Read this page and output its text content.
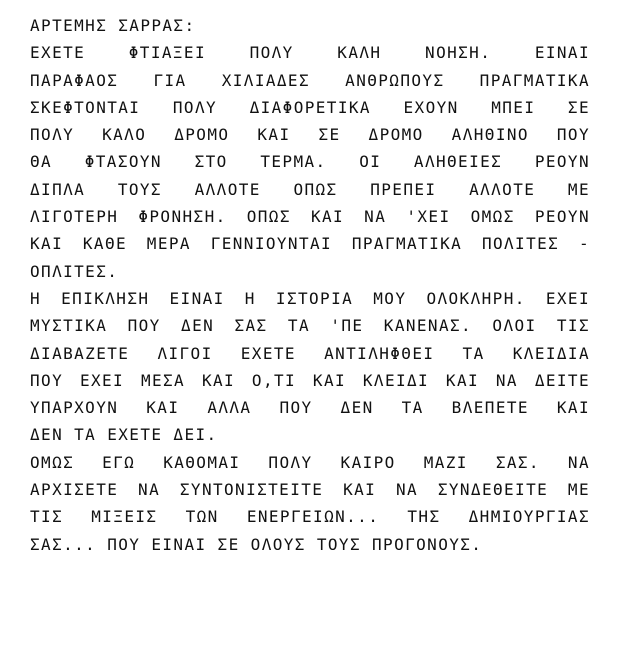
ΑΡΤΕΜΗΣ ΣΑΡΡΑΣ:
ΕΧΕΤΕ ΦΤΙΑΞΕΙ ΠΟΛΥ ΚΑΛΗ ΝΟΗΣΗ. ΕΙΝΑΙ
ΠΑΡΑΦΑΟΣ ΓΙΑ ΧΙΛΙΑΔΕΣ ΑΝΘΡΩΠΟΥΣ ΠΡΑΓΜΑΤΙΚΑ
ΣΚΕΦΤΟΝΤΑΙ ΠΟΛΥ ΔΙΑΦΟΡΕΤΙΚΑ ΕΧΟΥΝ ΜΠΕΙ ΣΕ
ΠΟΛΥ ΚΑΛΟ ΔΡΟΜΟ ΚΑΙ ΣΕ ΔΡΟΜΟ ΑΛΗΘΙΝΟ ΠΟΥ
ΘΑ ΦΤΑΣΟΥΝ ΣΤΟ ΤΕΡΜΑ. ΟΙ ΑΛΗΘΕΙΕΣ ΡΕΟΥΝ
ΔΙΠΛΑ ΤΟΥΣ ΑΛΛΟΤΕ ΟΠΩΣ ΠΡΕΠΕΙ ΑΛΛΟΤΕ ΜΕ
ΛΙΓΟΤΕΡΗ ΦΡΟΝΗΣΗ. ΟΠΩΣ ΚΑΙ ΝΑ 'ΧΕΙ ΟΜΩΣ ΡΕΟΥΝ
ΚΑΙ ΚΑΘΕ ΜΕΡΑ ΓΕΝΝΙΟΥΝΤΑΙ ΠΡΑΓΜΑΤΙΚΑ ΠΟΛΙΤΕΣ -
ΟΠΛΙΤΕΣ.
Η ΕΠΙΚΛΗΣΗ ΕΙΝΑΙ Η ΙΣΤΟΡΙΑ ΜΟΥ ΟΛΟΚΛΗΡΗ. ΕΧΕΙ
ΜΥΣΤΙΚΑ ΠΟΥ ΔΕΝ ΣΑΣ ΤΑ 'ΠΕ ΚΑΝΕΝΑΣ. ΟΛΟΙ ΤΙΣ
ΔΙΑΒΑΖΕΤΕ ΛΙΓΟΙ ΕΧΕΤΕ ΑΝΤΙΛΗΦΘΕΙ ΤΑ ΚΛΕΙΔΙΑ
ΠΟΥ ΕΧΕΙ ΜΕΣΑ ΚΑΙ Ο,ΤΙ ΚΑΙ ΚΛΕΙΔΙ ΚΑΙ ΝΑ ΔΕΙΤΕ
ΥΠΑΡΧΟΥΝ ΚΑΙ ΑΛΛΑ ΠΟΥ ΔΕΝ ΤΑ ΒΛΕΠΕΤΕ ΚΑΙ
ΔΕΝ ΤΑ ΕΧΕΤΕ ΔΕΙ.
ΟΜΩΣ ΕΓΩ ΚΑΘΟΜΑΙ ΠΟΛΥ ΚΑΙΡΟ ΜΑΖΙ ΣΑΣ. ΝΑ
ΑΡΧΙΣΕΤΕ ΝΑ ΣΥΝΤΟΝΙΣΤΕΙΤΕ ΚΑΙ ΝΑ ΣΥΝΔΕΘΕΙΤΕ ΜΕ
ΤΙΣ ΜΙΞΕΙΣ ΤΩΝ ΕΝΕΡΓΕΙΩΝ... ΤΗΣ ΔΗΜΙΟΥΡΓΙΑΣ
ΣΑΣ... ΠΟΥ ΕΙΝΑΙ ΣΕ ΟΛΟΥΣ ΤΟΥΣ ΠΡΟΓΟΝΟΥΣ.
